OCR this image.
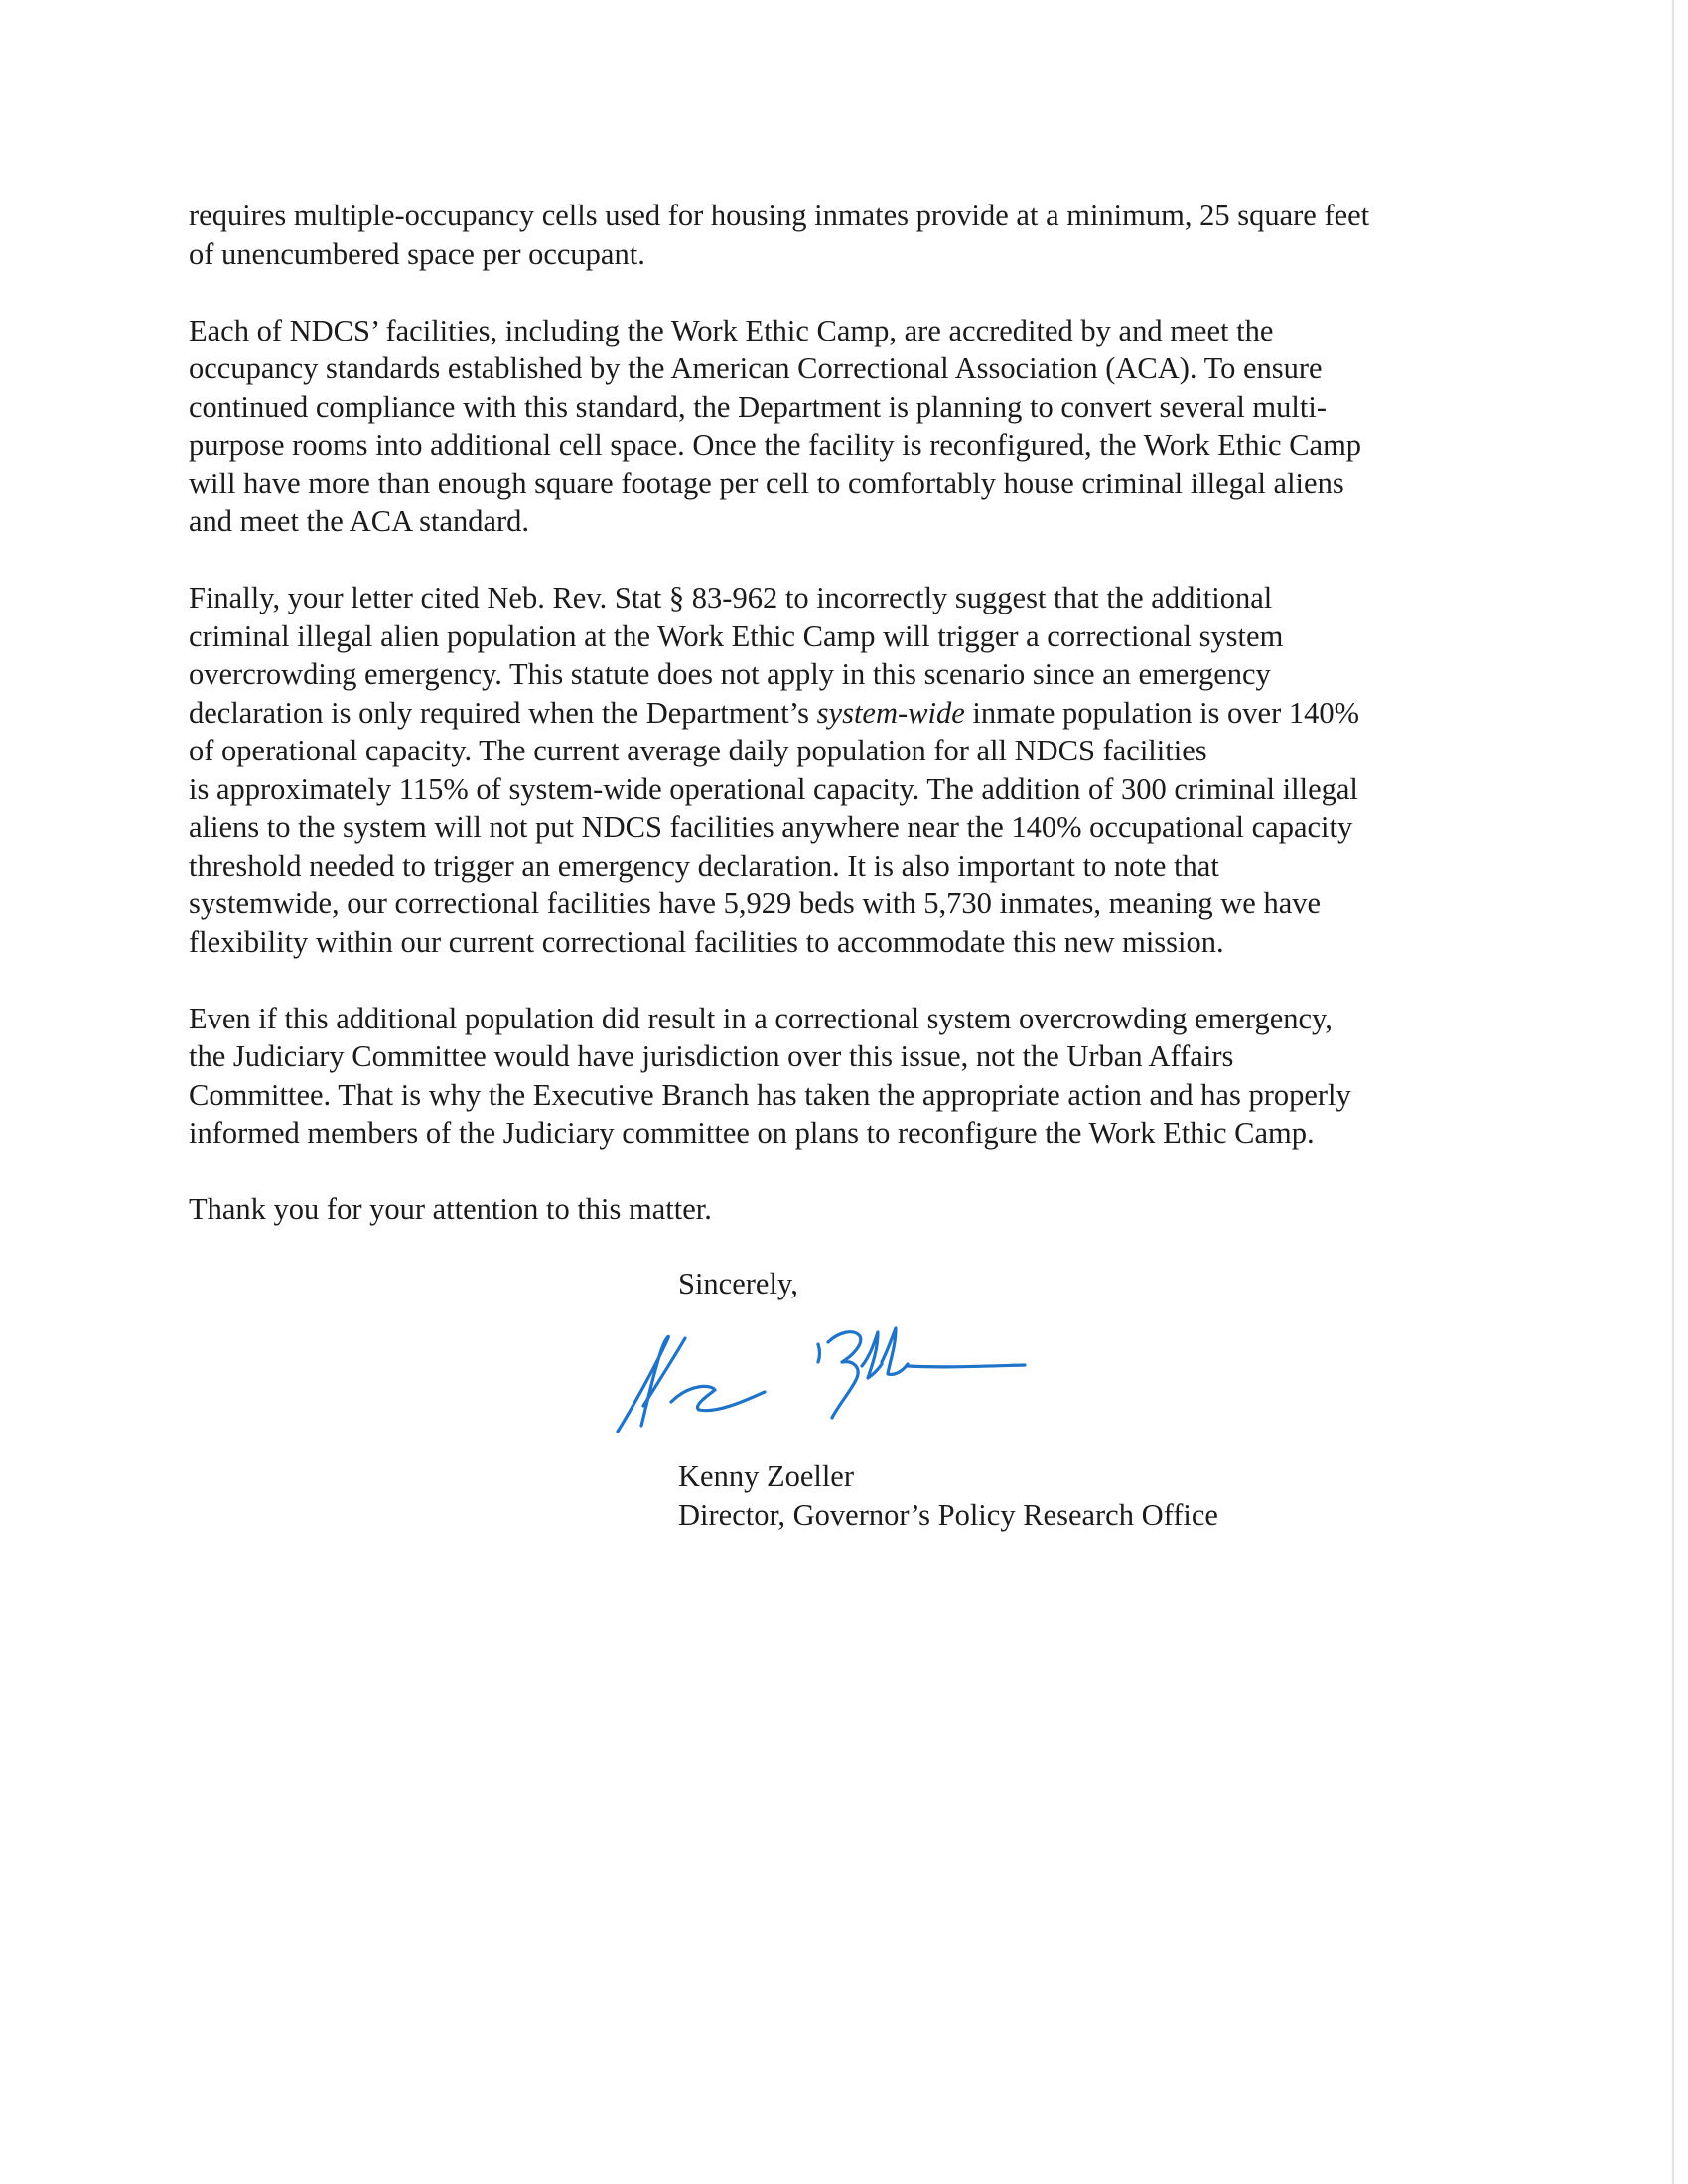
requires multiple-occupancy cells used for housing inmates provide at a minimum, 25 square feet
of unencumbered space per occupant.
Each of NDCS’ facilities, including the Work Ethic Camp, are accredited by and meet the
occupancy standards established by the American Correctional Association (ACA). To ensure
continued compliance with this standard, the Department is planning to convert several multi-
purpose rooms into additional cell space. Once the facility is reconfigured, the Work Ethic Camp
will have more than enough square footage per cell to comfortably house criminal illegal aliens
and meet the ACA standard.
Finally, your letter cited Neb. Rev. Stat § 83-962 to incorrectly suggest that the additional
criminal illegal alien population at the Work Ethic Camp will trigger a correctional system
overcrowding emergency. This statute does not apply in this scenario since an emergency
declaration is only required when the Department’s system-wide inmate population is over 140%
of operational capacity. The current average daily population for all NDCS facilities
is approximately 115% of system-wide operational capacity. The addition of 300 criminal illegal
aliens to the system will not put NDCS facilities anywhere near the 140% occupational capacity
threshold needed to trigger an emergency declaration. It is also important to note that
systemwide, our correctional facilities have 5,929 beds with 5,730 inmates, meaning we have
flexibility within our current correctional facilities to accommodate this new mission.
Even if this additional population did result in a correctional system overcrowding emergency,
the Judiciary Committee would have jurisdiction over this issue, not the Urban Affairs
Committee. That is why the Executive Branch has taken the appropriate action and has properly
informed members of the Judiciary committee on plans to reconfigure the Work Ethic Camp.
Thank you for your attention to this matter.
Sincerely,
Kenny Zoeller
Director, Governor’s Policy Research Office
